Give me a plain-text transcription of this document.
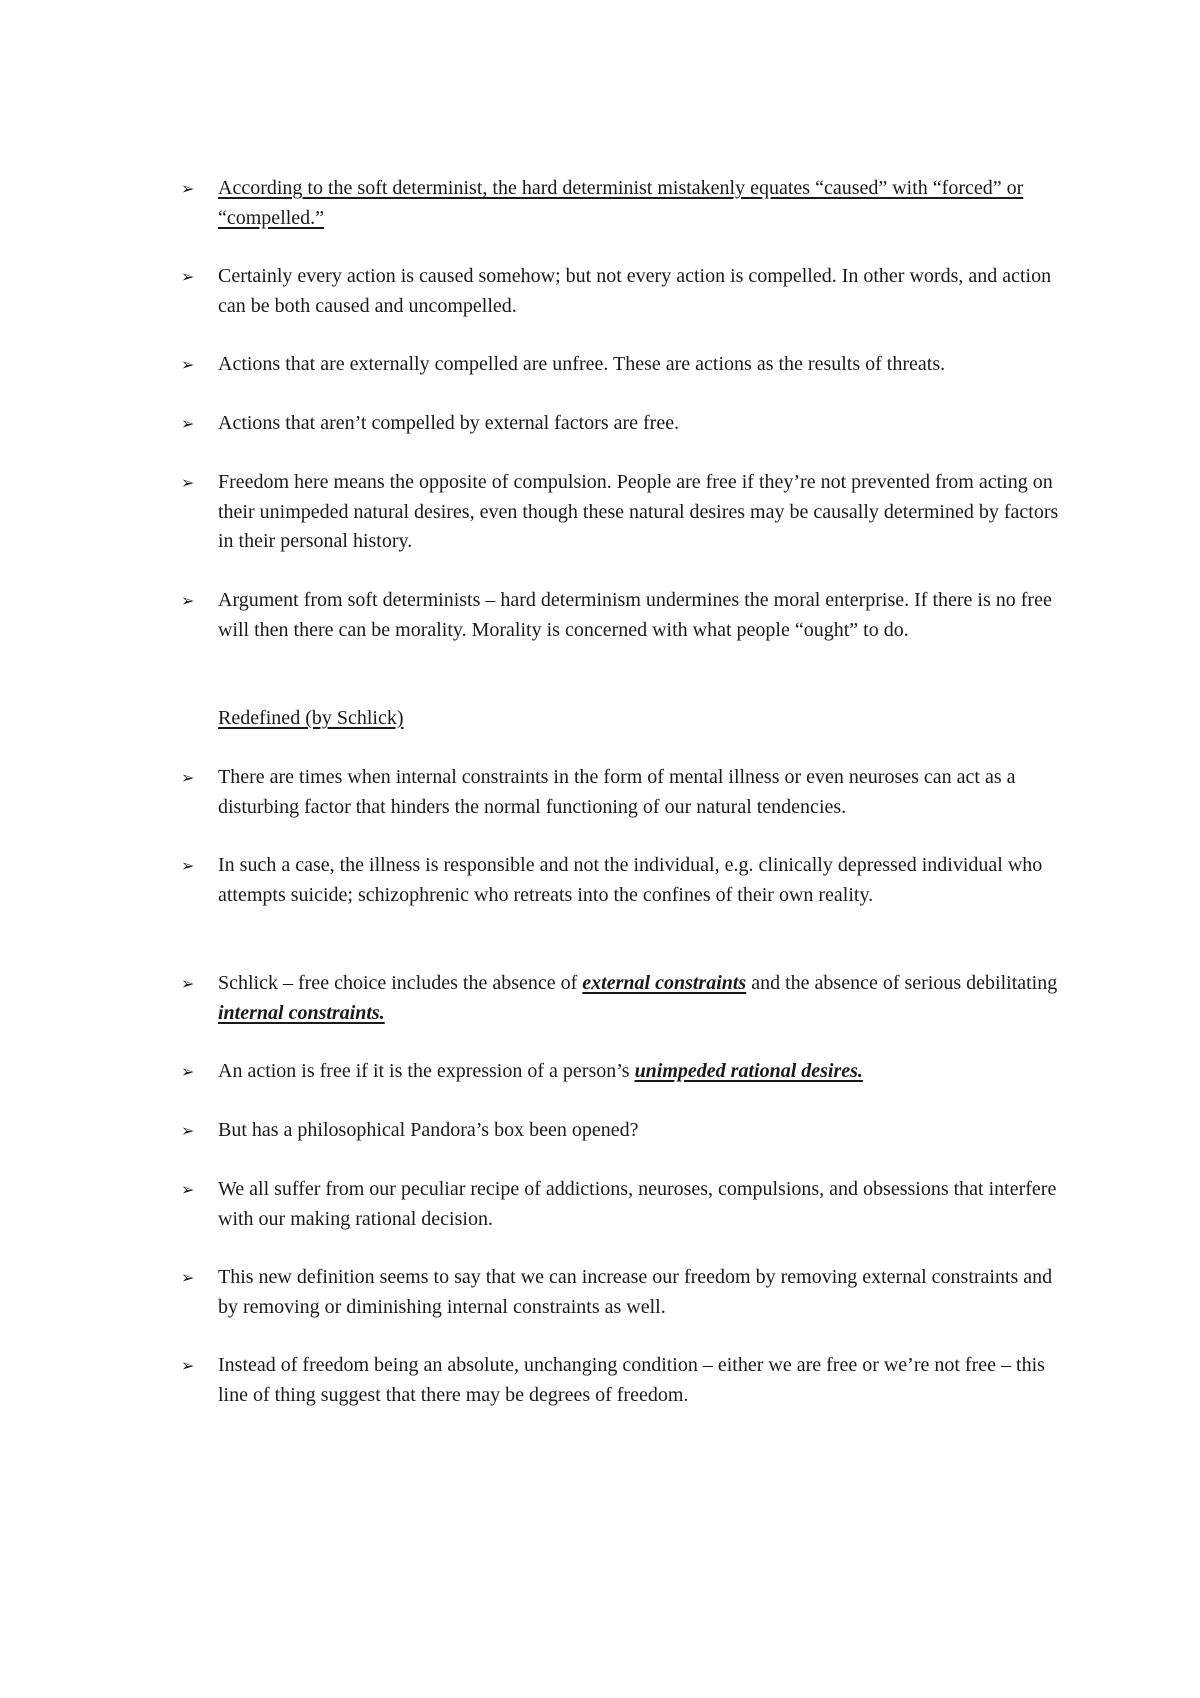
➢	According to the soft determinist, the hard determinist mistakenly equates “caused” with “forced” or “compelled.”
➢	Certainly every action is caused somehow; but not every action is compelled. In other words, and action can be both caused and uncompelled.
➢	Actions that are externally compelled are unfree. These are actions as the results of threats.
➢	Actions that aren’t compelled by external factors are free.
➢	Freedom here means the opposite of compulsion. People are free if they’re not prevented from acting on their unimpeded natural desires, even though these natural desires may be causally determined by factors in their personal history.
➢	Argument from soft determinists – hard determinism undermines the moral enterprise. If there is no free will then there can be morality. Morality is concerned with what people “ought” to do.
Redefined (by Schlick)
➢	There are times when internal constraints in the form of mental illness or even neuroses can act as a disturbing factor that hinders the normal functioning of our natural tendencies.
➢	In such a case, the illness is responsible and not the individual, e.g. clinically depressed individual who attempts suicide; schizophrenic who retreats into the confines of their own reality.
➢	Schlick – free choice includes the absence of external constraints and the absence of serious debilitating internal constraints.
➢	An action is free if it is the expression of a person’s unimpeded rational desires.
➢	But has a philosophical Pandora’s box been opened?
➢	We all suffer from our peculiar recipe of addictions, neuroses, compulsions, and obsessions that interfere with our making rational decision.
➢	This new definition seems to say that we can increase our freedom by removing external constraints and by removing or diminishing internal constraints as well.
➢	Instead of freedom being an absolute, unchanging condition – either we are free or we’re not free – this line of thing suggest that there may be degrees of freedom.
